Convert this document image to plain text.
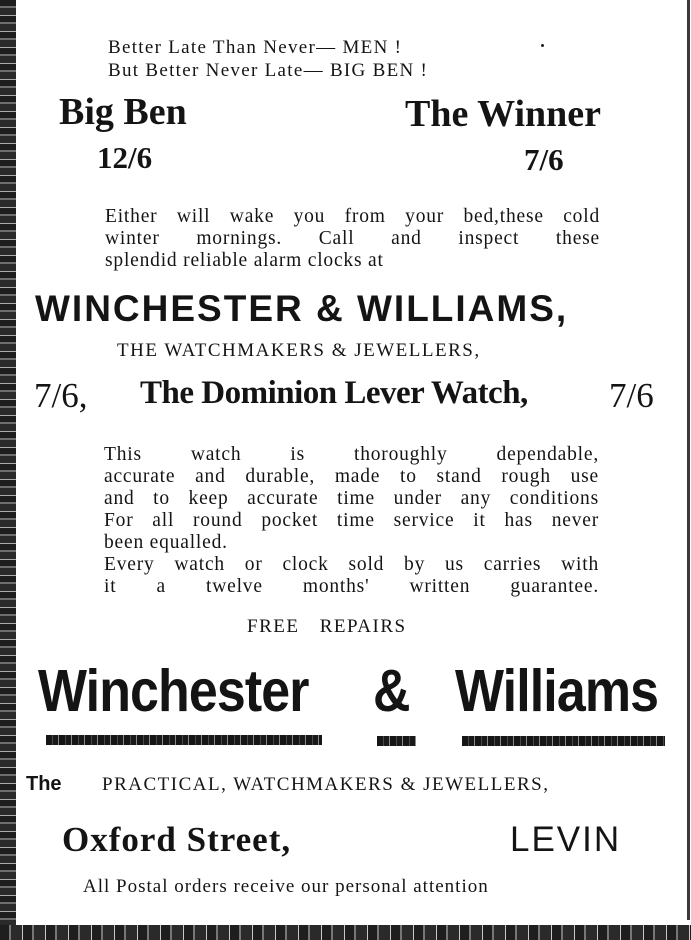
Better Late Than Never— MEN !

But Better Never Late— BIG BEN !

Big Ben	The Winner

12/6	7/6

Either will wake you from your bed,these cold
winter mornings. Call and inspect these
splendid reliable alarm clocks at

WINCHESTER & WILLIAMS,

THE WATCHMAKERS & JEWELLERS,

7/6, The Dominion Lever Watch, 7/6

This watch is thoroughly dependable,
accurate and durable, made to stand rough use
and to keep accurate time under any conditions
For all round pocket time service it has never
been equalled.
Every watch or clock sold by us carries with
it a twelve months' written guarantee.

FREE REPAIRS

Winchester & Williams

The PRACTICAL, WATCHMAKERS & JEWELLERS,

Oxford Street,	LEVIN

All Postal orders receive our personal attention
